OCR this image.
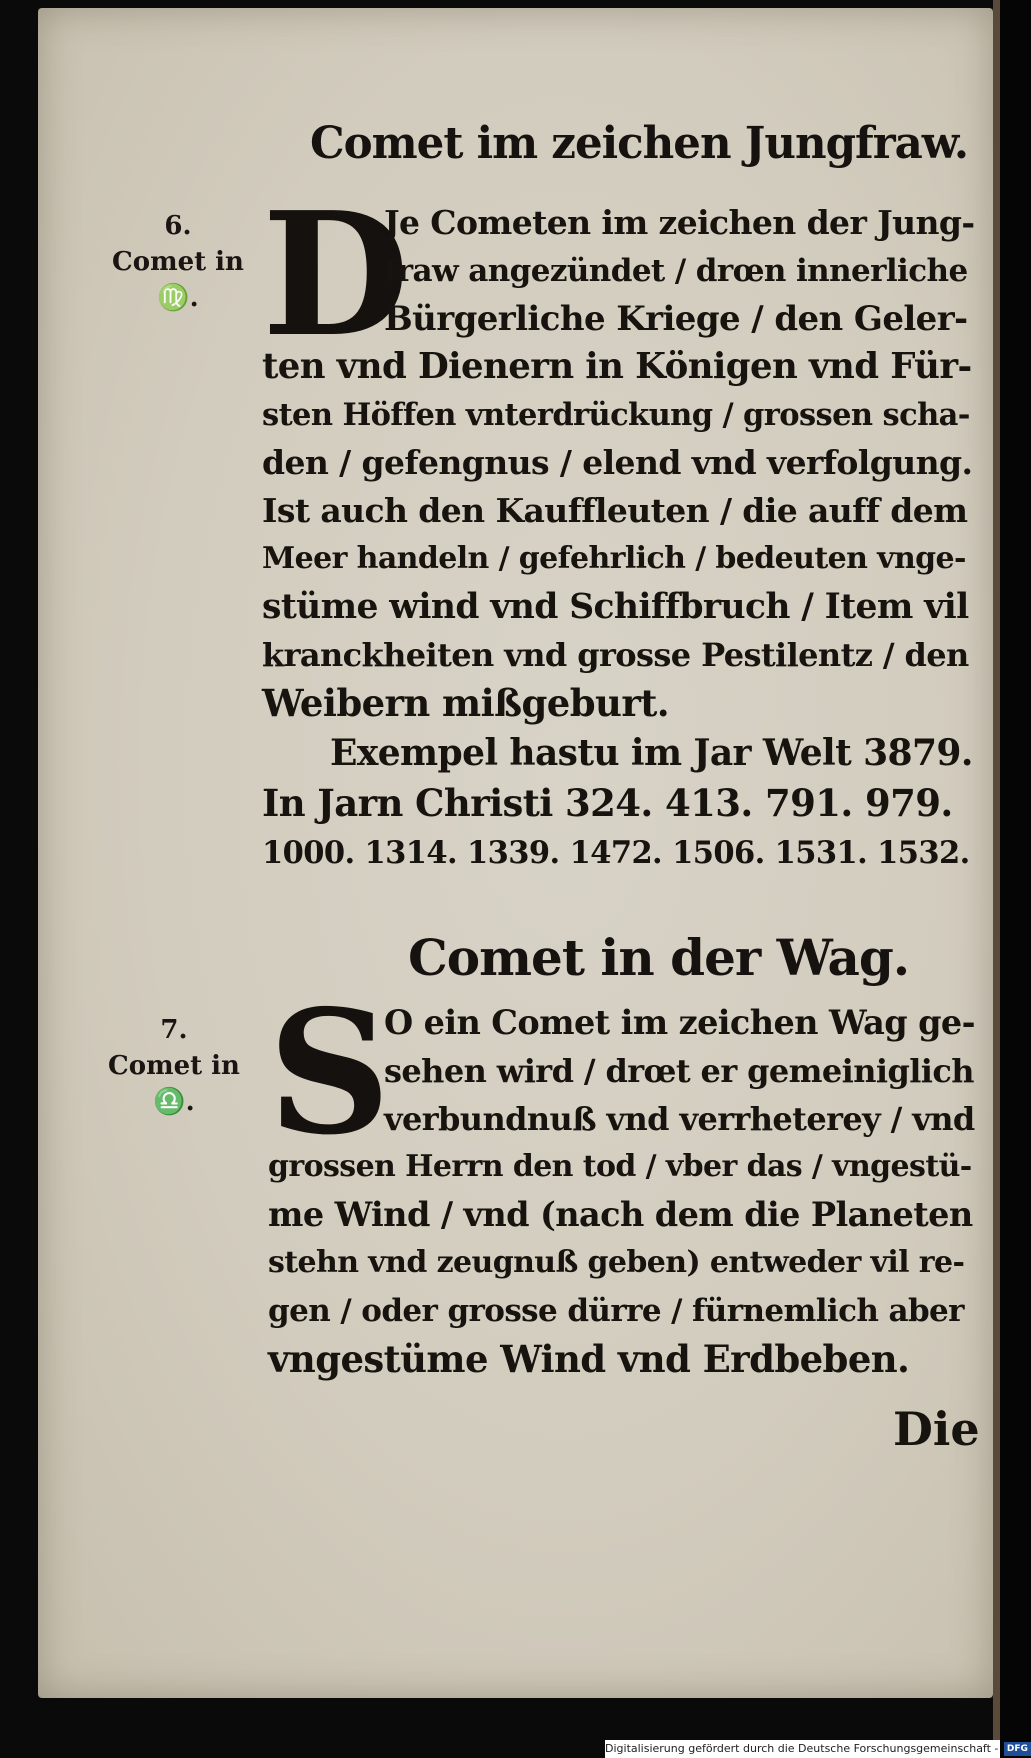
Comet im zeichen Jungfraw.
6.
Comet in
♍. D
Je Cometen im zeichen der Jung-
fraw angezündet / drœn innerliche
Bürgerliche Kriege / den Geler-
ten vnd Dienern in Königen vnd Für-
sten Höffen vnterdrückung / grossen scha-
den / gefengnus / elend vnd verfolgung.
Ist auch den Kauffleuten / die auff dem
Meer handeln / gefehrlich / bedeuten vnge-
stüme wind vnd Schiffbruch / Item vil
kranckheiten vnd grosse Pestilentz / den
Weibern mißgeburt.
Exempel hastu im Jar Welt 3879.
In Jarn Christi 324. 413. 791. 979.
1000. 1314. 1339. 1472. 1506. 1531. 1532.
Comet in der Wag.
7.
Comet in
♎. S
O ein Comet im zeichen Wag ge-
sehen wird / drœt er gemeiniglich
verbundnuß vnd verrheterey / vnd
grossen Herrn den tod / vber das / vngestü-
me Wind / vnd (nach dem die Planeten
stehn vnd zeugnuß geben) entweder vil re-
gen / oder grosse dürre / fürnemlich aber
vngestüme Wind vnd Erdbeben.
Die
Digitalisierung gefördert durch die Deutsche Forschungsgemeinschaft - DFG
